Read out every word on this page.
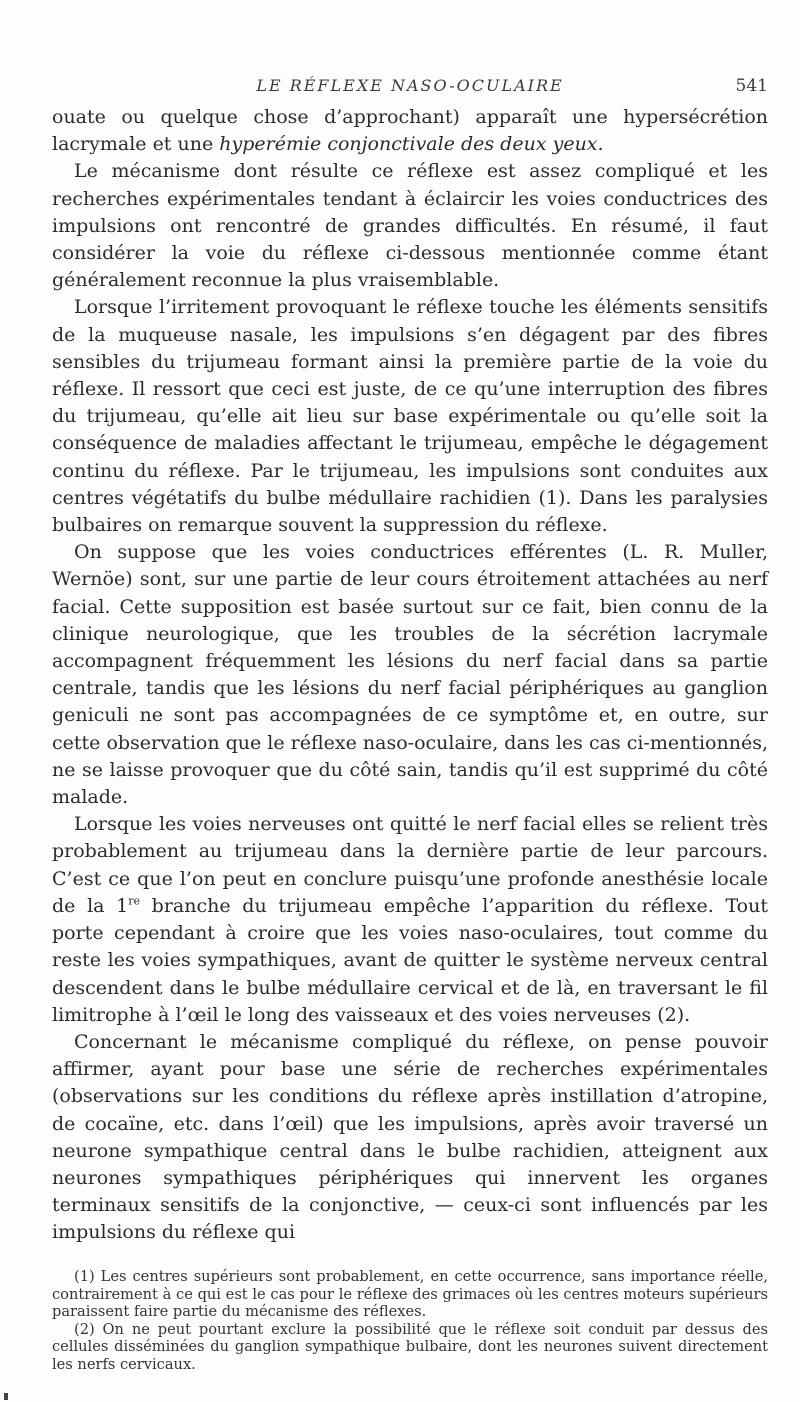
LE RÉFLEXE NASO-OCULAIRE	541

ouate ou quelque chose d’approchant) apparaît une hypersécrétion lacrymale et une hyperémie conjonctivale des deux yeux.

Le mécanisme dont résulte ce réflexe est assez compliqué et les recherches expérimentales tendant à éclaircir les voies conductrices des impulsions ont rencontré de grandes difficultés. En résumé, il faut considérer la voie du réflexe ci-dessous mentionnée comme étant généralement reconnue la plus vraisemblable.

Lorsque l’irritement provoquant le réflexe touche les éléments sensitifs de la muqueuse nasale, les impulsions s’en dégagent par des fibres sensibles du trijumeau formant ainsi la première partie de la voie du réflexe. Il ressort que ceci est juste, de ce qu’une interruption des fibres du trijumeau, qu’elle ait lieu sur base expérimentale ou qu’elle soit la conséquence de maladies affectant le trijumeau, empêche le dégagement continu du réflexe. Par le trijumeau, les impulsions sont conduites aux centres végétatifs du bulbe médullaire rachidien (1). Dans les paralysies bulbaires on remarque souvent la suppression du réflexe.

On suppose que les voies conductrices efférentes (L. R. Muller, Wernöe) sont, sur une partie de leur cours étroitement attachées au nerf facial. Cette supposition est basée surtout sur ce fait, bien connu de la clinique neurologique, que les troubles de la sécrétion lacrymale accompagnent fréquemment les lésions du nerf facial dans sa partie centrale, tandis que les lésions du nerf facial périphériques au ganglion geniculi ne sont pas accompagnées de ce symptôme et, en outre, sur cette observation que le réflexe naso-oculaire, dans les cas ci-mentionnés, ne se laisse provoquer que du côté sain, tandis qu’il est supprimé du côté malade.

Lorsque les voies nerveuses ont quitté le nerf facial elles se relient très probablement au trijumeau dans la dernière partie de leur parcours. C’est ce que l’on peut en conclure puisqu’une profonde anesthésie locale de la 1re branche du trijumeau empêche l’apparition du réflexe. Tout porte cependant à croire que les voies naso-oculaires, tout comme du reste les voies sympathiques, avant de quitter le système nerveux central descendent dans le bulbe médullaire cervical et de là, en traversant le fil limitrophe à l’œil le long des vaisseaux et des voies nerveuses (2).

Concernant le mécanisme compliqué du réflexe, on pense pouvoir affirmer, ayant pour base une série de recherches expérimentales (observations sur les conditions du réflexe après instillation d’atropine, de cocaïne, etc. dans l’œil) que les impulsions, après avoir traversé un neurone sympathique central dans le bulbe rachidien, atteignent aux neurones sympathiques périphériques qui innervent les organes terminaux sensitifs de la conjonctive, — ceux-ci sont influencés par les impulsions du réflexe qui

(1) Les centres supérieurs sont probablement, en cette occurrence, sans importance réelle, contrairement à ce qui est le cas pour le réflexe des grimaces où les centres moteurs supérieurs paraissent faire partie du mécanisme des réflexes.

(2) On ne peut pourtant exclure la possibilité que le réflexe soit conduit par dessus des cellules disséminées du ganglion sympathique bulbaire, dont les neurones suivent directement les nerfs cervicaux.
